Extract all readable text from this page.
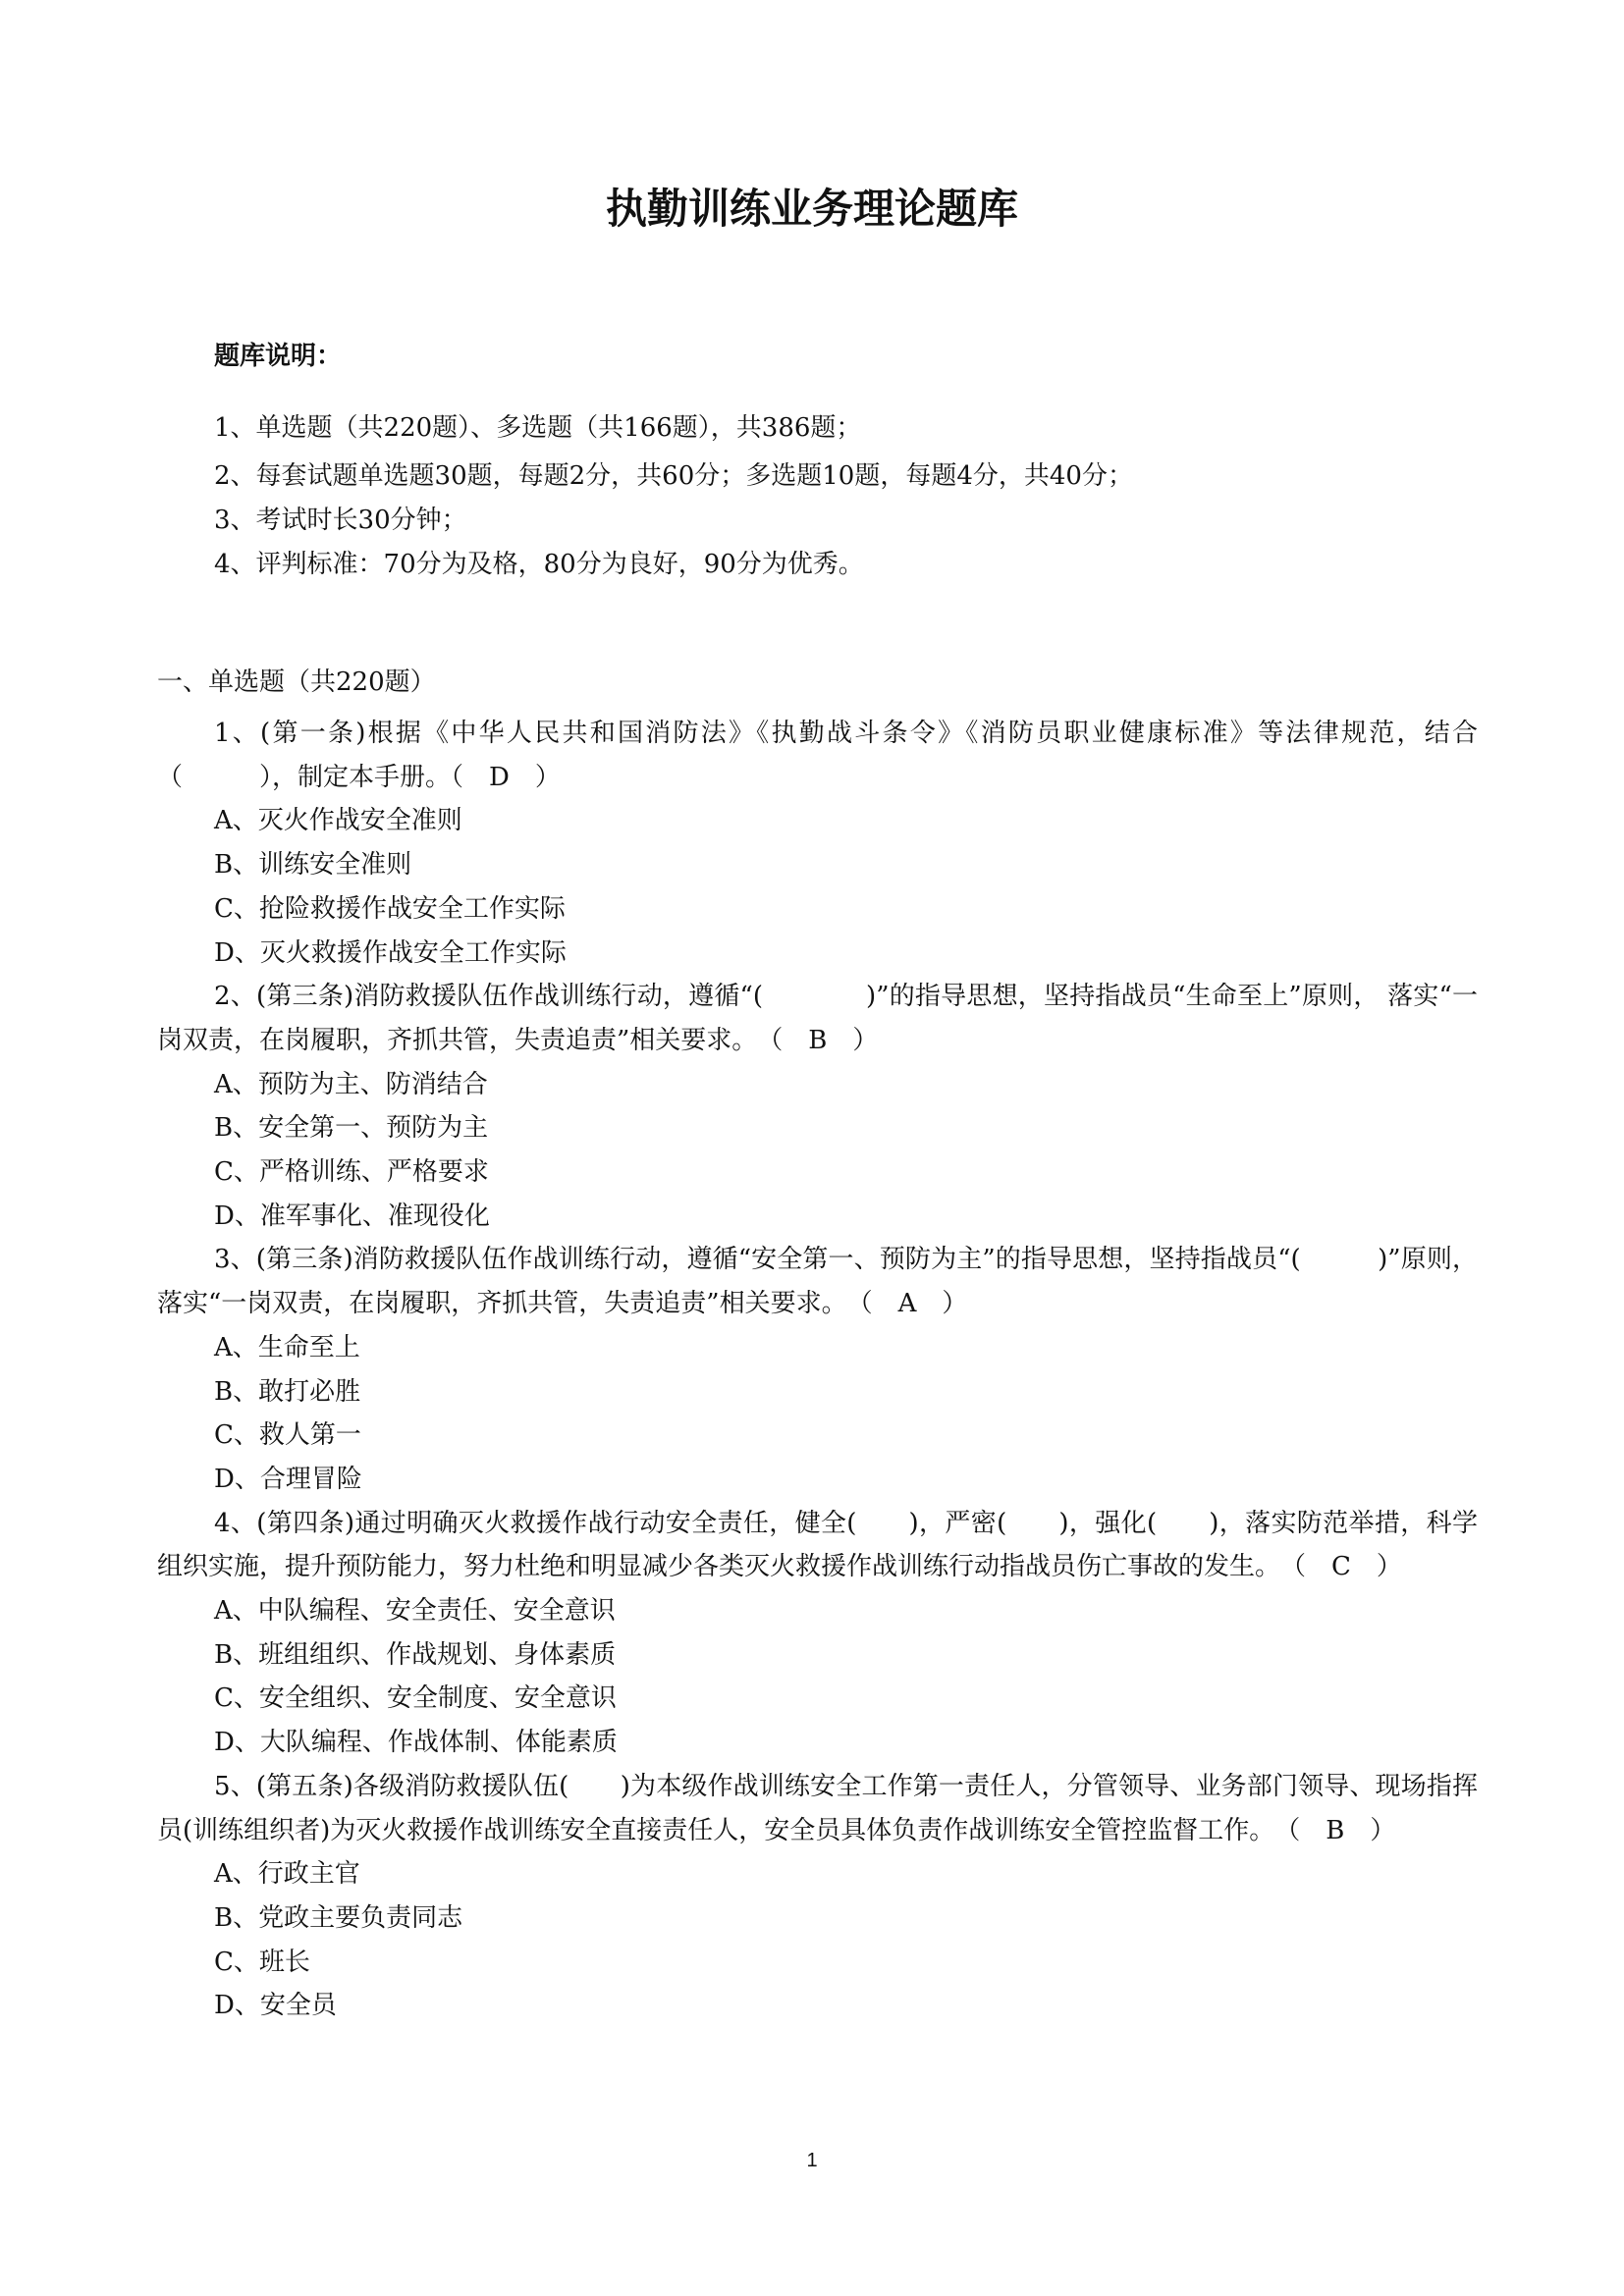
执勤训练业务理论题库
题库说明：
1、单选题（共220题）、多选题（共166题），共386题；
2、每套试题单选题30题，每题2分，共60分；多选题10题，每题4分，共40分；
3、考试时长30分钟；
4、评判标准：70分为及格，80分为良好，90分为优秀。
一、单选题（共220题）

1、(第一条)根据《中华人民共和国消防法》《执勤战斗条令》《消防员职业健康标准》等法律规范，结合（　　　），制定本手册。（　D　）

A、灭火作战安全准则

B、训练安全准则

C、抢险救援作战安全工作实际

D、灭火救援作战安全工作实际

2、(第三条)消防救援队伍作战训练行动，遵循“(　　　　)”的指导思想，坚持指战员“生命至上”原则， 落实“一岗双责，在岗履职，齐抓共管，失责追责”相关要求。　（　B　）

A、预防为主、防消结合

B、安全第一、预防为主

C、严格训练、严格要求

D、准军事化、准现役化

3、(第三条)消防救援队伍作战训练行动，遵循“安全第一、预防为主”的指导思想，坚持指战员“(　　　)”原则， 落实“一岗双责，在岗履职，齐抓共管，失责追责”相关要求。　（　A　）

A、生命至上

B、敢打必胜

C、救人第一

D、合理冒险

4、(第四条)通过明确灭火救援作战行动安全责任，健全(　　)，严密(　　)，强化(　　)，落实防范举措，科学组织实施，提升预防能力，努力杜绝和明显减少各类灭火救援作战训练行动指战员伤亡事故的发生。　（　C　）

A、中队编程、安全责任、安全意识

B、班组组织、作战规划、身体素质

C、安全组织、安全制度、安全意识

D、大队编程、作战体制、体能素质

5、(第五条)各级消防救援队伍(　　)为本级作战训练安全工作第一责任人，分管领导、业务部门领导、现场指挥员(训练组织者)为灭火救援作战训练安全直接责任人，安全员具体负责作战训练安全管控监督工作。　（　B　）

A、行政主官

B、党政主要负责同志

C、班长

D、安全员

1
